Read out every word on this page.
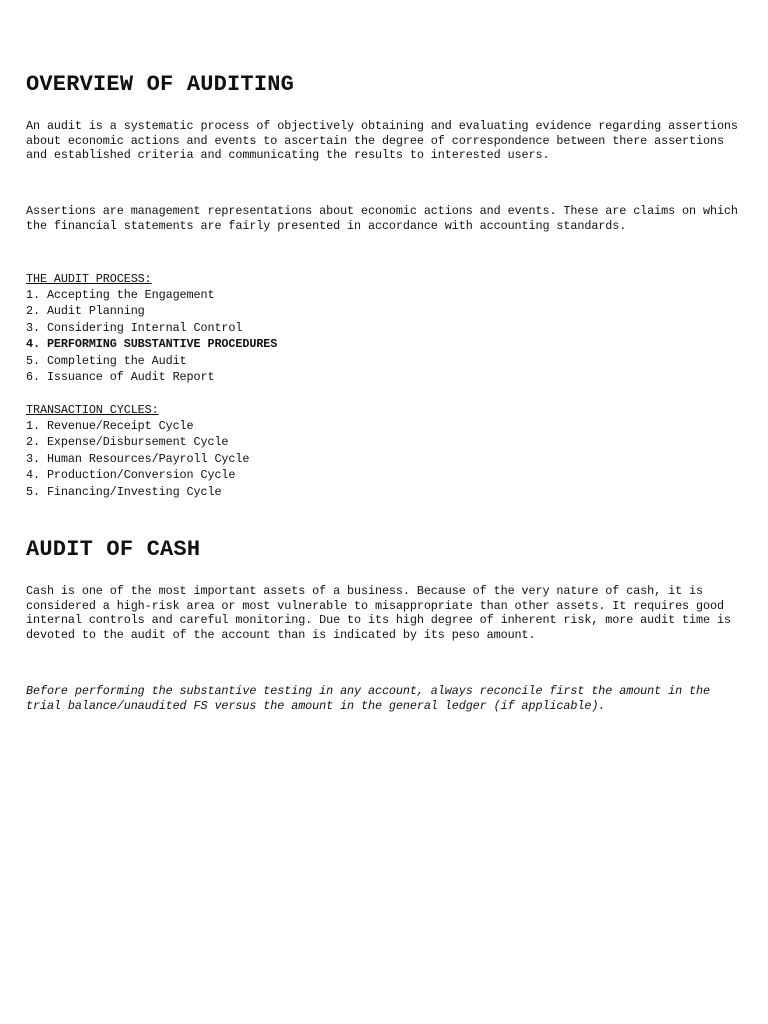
OVERVIEW OF AUDITING

An audit is a systematic process of objectively obtaining and evaluating evidence regarding assertions about economic actions and events to ascertain the degree of correspondence between there assertions and established criteria and communicating the results to interested users.

Assertions are management representations about economic actions and events. These are claims on which the financial statements are fairly presented in accordance with accounting standards.

THE AUDIT PROCESS:
1. Accepting the Engagement
2. Audit Planning
3. Considering Internal Control
4. PERFORMING SUBSTANTIVE PROCEDURES
5. Completing the Audit
6. Issuance of Audit Report
TRANSACTION CYCLES:
1. Revenue/Receipt Cycle
2. Expense/Disbursement Cycle
3. Human Resources/Payroll Cycle
4. Production/Conversion Cycle
5. Financing/Investing Cycle
AUDIT OF CASH

Cash is one of the most important assets of a business. Because of the very nature of cash, it is considered a high-risk area or most vulnerable to misappropriate than other assets. It requires good internal controls and careful monitoring. Due to its high degree of inherent risk, more audit time is devoted to the audit of the account than is indicated by its peso amount.

Before performing the substantive testing in any account, always reconcile first the amount in the trial balance/unaudited FS versus the amount in the general ledger (if applicable).
